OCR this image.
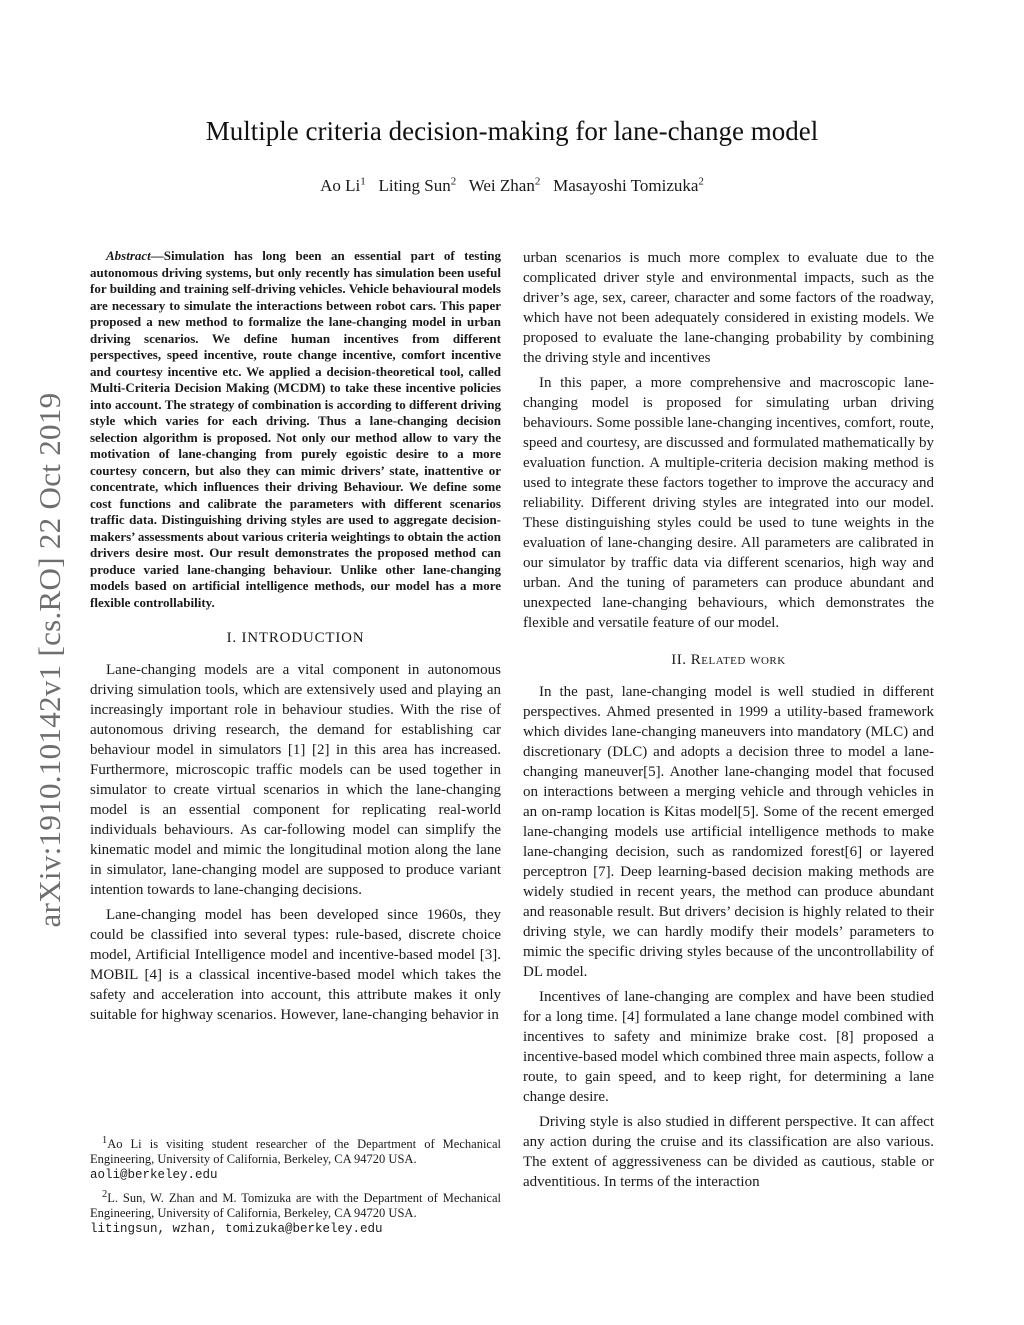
arXiv:1910.10142v1 [cs.RO] 22 Oct 2019
Multiple criteria decision-making for lane-change model
Ao Li$^1$ Liting Sun$^2$ Wei Zhan$^2$ Masayoshi Tomizuka$^2$

Abstract—Simulation has long been an essential part of testing autonomous driving systems, but only recently has simulation been useful for building and training self-driving vehicles. Vehicle behavioural models are necessary to simulate the interactions between robot cars. This paper proposed a new method to formalize the lane-changing model in urban driving scenarios. We define human incentives from different perspectives, speed incentive, route change incentive, comfort incentive and courtesy incentive etc. We applied a decision-theoretical tool, called Multi-Criteria Decision Making (MCDM) to take these incentive policies into account. The strategy of combination is according to different driving style which varies for each driving. Thus a lane-changing decision selection algorithm is proposed. Not only our method allow to vary the motivation of lane-changing from purely egoistic desire to a more courtesy concern, but also they can mimic drivers’ state, inattentive or concentrate, which influences their driving Behaviour. We define some cost functions and calibrate the parameters with different scenarios traffic data. Distinguishing driving styles are used to aggregate decision-makers’ assessments about various criteria weightings to obtain the action drivers desire most. Our result demonstrates the proposed method can produce varied lane-changing behaviour. Unlike other lane-changing models based on artificial intelligence methods, our model has a more flexible controllability.

I. INTRODUCTION

Lane-changing models are a vital component in autonomous driving simulation tools, which are extensively used and playing an increasingly important role in behaviour studies. With the rise of autonomous driving research, the demand for establishing car behaviour model in simulators [1] [2] in this area has increased. Furthermore, microscopic traffic models can be used together in simulator to create virtual scenarios in which the lane-changing model is an essential component for replicating real-world individuals behaviours. As car-following model can simplify the kinematic model and mimic the longitudinal motion along the lane in simulator, lane-changing model are supposed to produce variant intention towards to lane-changing decisions.

Lane-changing model has been developed since 1960s, they could be classified into several types: rule-based, discrete choice model, Artificial Intelligence model and incentive-based model [3]. MOBIL [4] is a classical incentive-based model which takes the safety and acceleration into account, this attribute makes it only suitable for highway scenarios. However, lane-changing behavior in

urban scenarios is much more complex to evaluate due to the complicated driver style and environmental impacts, such as the driver’s age, sex, career, character and some factors of the roadway, which have not been adequately considered in existing models. We proposed to evaluate the lane-changing probability by combining the driving style and incentives

In this paper, a more comprehensive and macroscopic lane-changing model is proposed for simulating urban driving behaviours. Some possible lane-changing incentives, comfort, route, speed and courtesy, are discussed and formulated mathematically by evaluation function. A multiple-criteria decision making method is used to integrate these factors together to improve the accuracy and reliability. Different driving styles are integrated into our model. These distinguishing styles could be used to tune weights in the evaluation of lane-changing desire. All parameters are calibrated in our simulator by traffic data via different scenarios, high way and urban. And the tuning of parameters can produce abundant and unexpected lane-changing behaviours, which demonstrates the flexible and versatile feature of our model.

II. Related work

In the past, lane-changing model is well studied in different perspectives. Ahmed presented in 1999 a utility-based framework which divides lane-changing maneuvers into mandatory (MLC) and discretionary (DLC) and adopts a decision three to model a lane-changing maneuver[5]. Another lane-changing model that focused on interactions between a merging vehicle and through vehicles in an on-ramp location is Kitas model[5]. Some of the recent emerged lane-changing models use artificial intelligence methods to make lane-changing decision, such as randomized forest[6] or layered perceptron [7]. Deep learning-based decision making methods are widely studied in recent years, the method can produce abundant and reasonable result. But drivers’ decision is highly related to their driving style, we can hardly modify their models’ parameters to mimic the specific driving styles because of the uncontrollability of DL model.

Incentives of lane-changing are complex and have been studied for a long time. [4] formulated a lane change model combined with incentives to safety and minimize brake cost. [8] proposed a incentive-based model which combined three main aspects, follow a route, to gain speed, and to keep right, for determining a lane change desire.

Driving style is also studied in different perspective. It can affect any action during the cruise and its classification are also various. The extent of aggressiveness can be divided as cautious, stable or adventitious. In terms of the interaction

$^1$Ao Li is visiting student researcher of the Department of Mechanical Engineering, University of California, Berkeley, CA 94720 USA.
aoli@berkeley.edu

$^2$L. Sun, W. Zhan and M. Tomizuka are with the Department of Mechanical Engineering, University of California, Berkeley, CA 94720 USA.
litingsun, wzhan, tomizuka@berkeley.edu
